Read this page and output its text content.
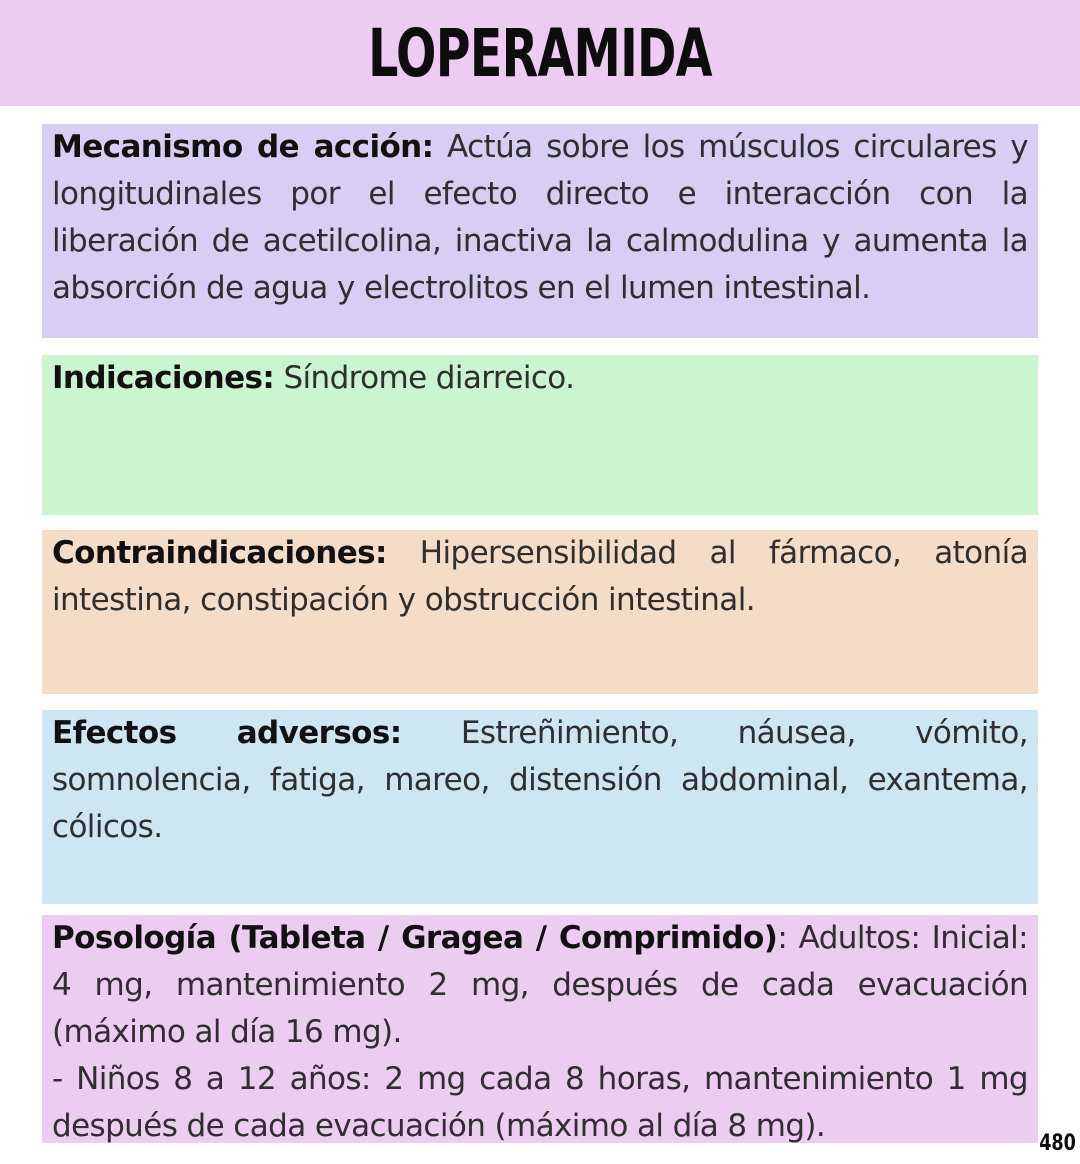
LOPERAMIDA
Mecanismo de acción: Actúa sobre los músculos circulares y longitudinales por el efecto directo e interacción con la liberación de acetilcolina, inactiva la calmodulina y aumenta la absorción de agua y electrolitos en el lumen intestinal.
Indicaciones: Síndrome diarreico.
Contraindicaciones: Hipersensibilidad al fármaco, atonía intestina, constipación y obstrucción intestinal.
Efectos adversos: Estreñimiento, náusea, vómito, somnolencia, fatiga, mareo, distensión abdominal, exantema, cólicos.
Posología (Tableta / Gragea / Comprimido): Adultos: Inicial: 4 mg, mantenimiento 2 mg, después de cada evacuación (máximo al día 16 mg).
- Niños 8 a 12 años: 2 mg cada 8 horas, mantenimiento 1 mg después de cada evacuación (máximo al día 8 mg).	480
